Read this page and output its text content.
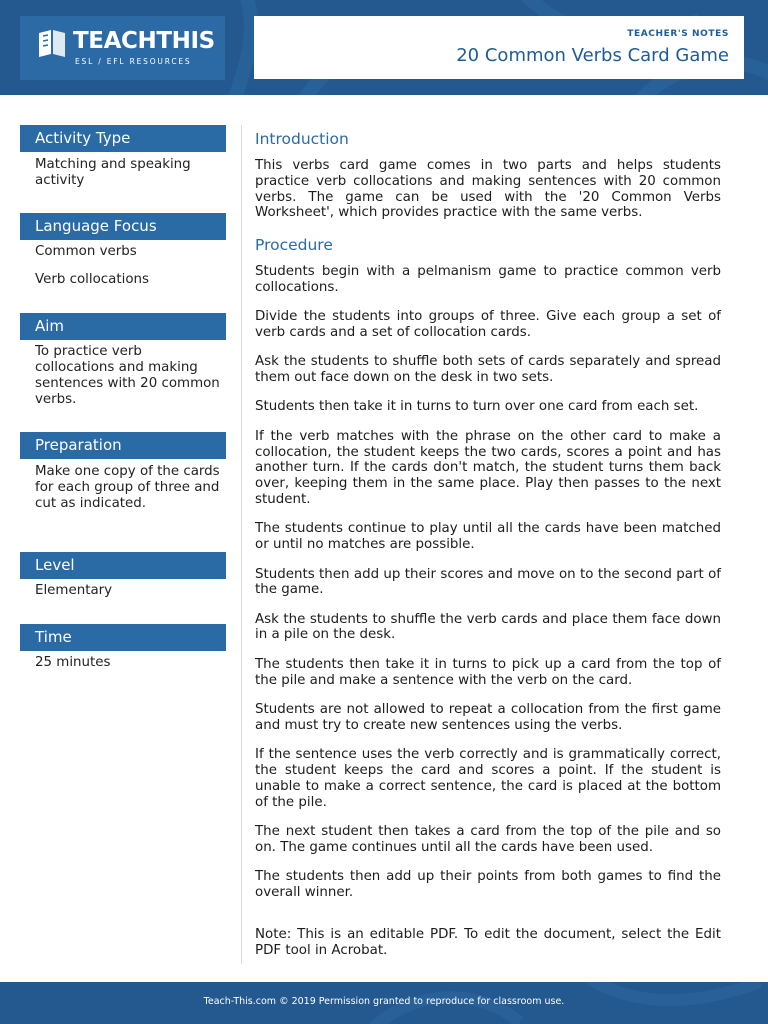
TEACHTHIS
ESL / EFL RESOURCES
TEACHER'S NOTES
20 Common Verbs Card Game
Activity Type

Matching and speaking activity

Language Focus

Common verbs

Verb collocations

Aim

To practice verb collocations and making sentences with 20 common verbs.

Preparation

Make one copy of the cards for each group of three and cut as indicated.

Level

Elementary

Time

25 minutes

Introduction

This verbs card game comes in two parts and helps students practice verb collocations and making sentences with 20 common verbs. The game can be used with the '20 Common Verbs Worksheet', which provides practice with the same verbs.

Procedure

Students begin with a pelmanism game to practice common verb collocations.

Divide the students into groups of three. Give each group a set of verb cards and a set of collocation cards.

Ask the students to shuffle both sets of cards separately and spread them out face down on the desk in two sets.

Students then take it in turns to turn over one card from each set.

If the verb matches with the phrase on the other card to make a collocation, the student keeps the two cards, scores a point and has another turn. If the cards don't match, the student turns them back over, keeping them in the same place. Play then passes to the next student.

The students continue to play until all the cards have been matched or until no matches are possible.

Students then add up their scores and move on to the second part of the game.

Ask the students to shuffle the verb cards and place them face down in a pile on the desk.

The students then take it in turns to pick up a card from the top of the pile and make a sentence with the verb on the card.

Students are not allowed to repeat a collocation from the first game and must try to create new sentences using the verbs.

If the sentence uses the verb correctly and is grammatically correct, the student keeps the card and scores a point. If the student is unable to make a correct sentence, the card is placed at the bottom of the pile.

The next student then takes a card from the top of the pile and so on. The game continues until all the cards have been used.

The students then add up their points from both games to find the overall winner.

Note: This is an editable PDF. To edit the document, select the Edit PDF tool in Acrobat.

Teach-This.com © 2019 Permission granted to reproduce for classroom use.
